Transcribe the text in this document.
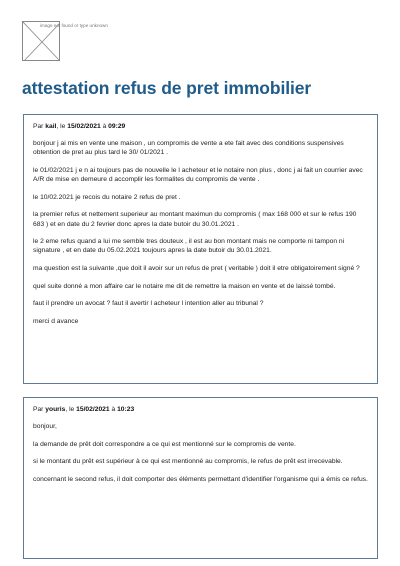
image not found or type unknown
attestation refus de pret immobilier
Par kail, le 15/02/2021 à 09:29

bonjour j ai mis en vente une maison , un compromis de vente a ete fait avec des conditions suspensives obtention de pret au plus tard le 30/ 01/2021 .

le 01/02/2021 j e n ai toujours pas de nouvelle le l acheteur et le notaire non plus , donc j ai fait un courrier avec A/R de mise en demeure d accomplir les formalites du compromis de vente .

le 10/02.2021 je recois du notaire 2 refus de pret .

la premier refus et nettement superieur au montant maximun du compromis ( max 168 000 et sur le refus 190 683 ) et en date du 2 fevrier donc apres la date butoir du 30.01.2021 .

le 2 eme refus quand a lui me semble tres douteux , il est au bon montant mais ne comporte ni tampon ni signature , et en date du 05.02.2021 toujours apres la date butoir du 30.01.2021.

ma question est la suivante ,que doit il avoir sur un refus de pret ( veritable ) doit il etre obligatoirement signé ?

quel suite donné a mon affaire car le notaire me dit de remettre la maison en vente et de laissé tombé.

faut il prendre un avocat ? faut il avertir l acheteur l intention aller au tribunal ?

merci d avance

Par youris, le 15/02/2021 à 10:23

bonjour,

la demande de prêt doit correspondre a ce qui est mentionné sur le compromis de vente.

si le montant du prêt est supérieur à ce qui est mentionné au compromis, le refus de prêt est irrecevable.

concernant le second refus, il doit comporter des éléments permettant d'identifier l'organisme qui a émis ce refus.
